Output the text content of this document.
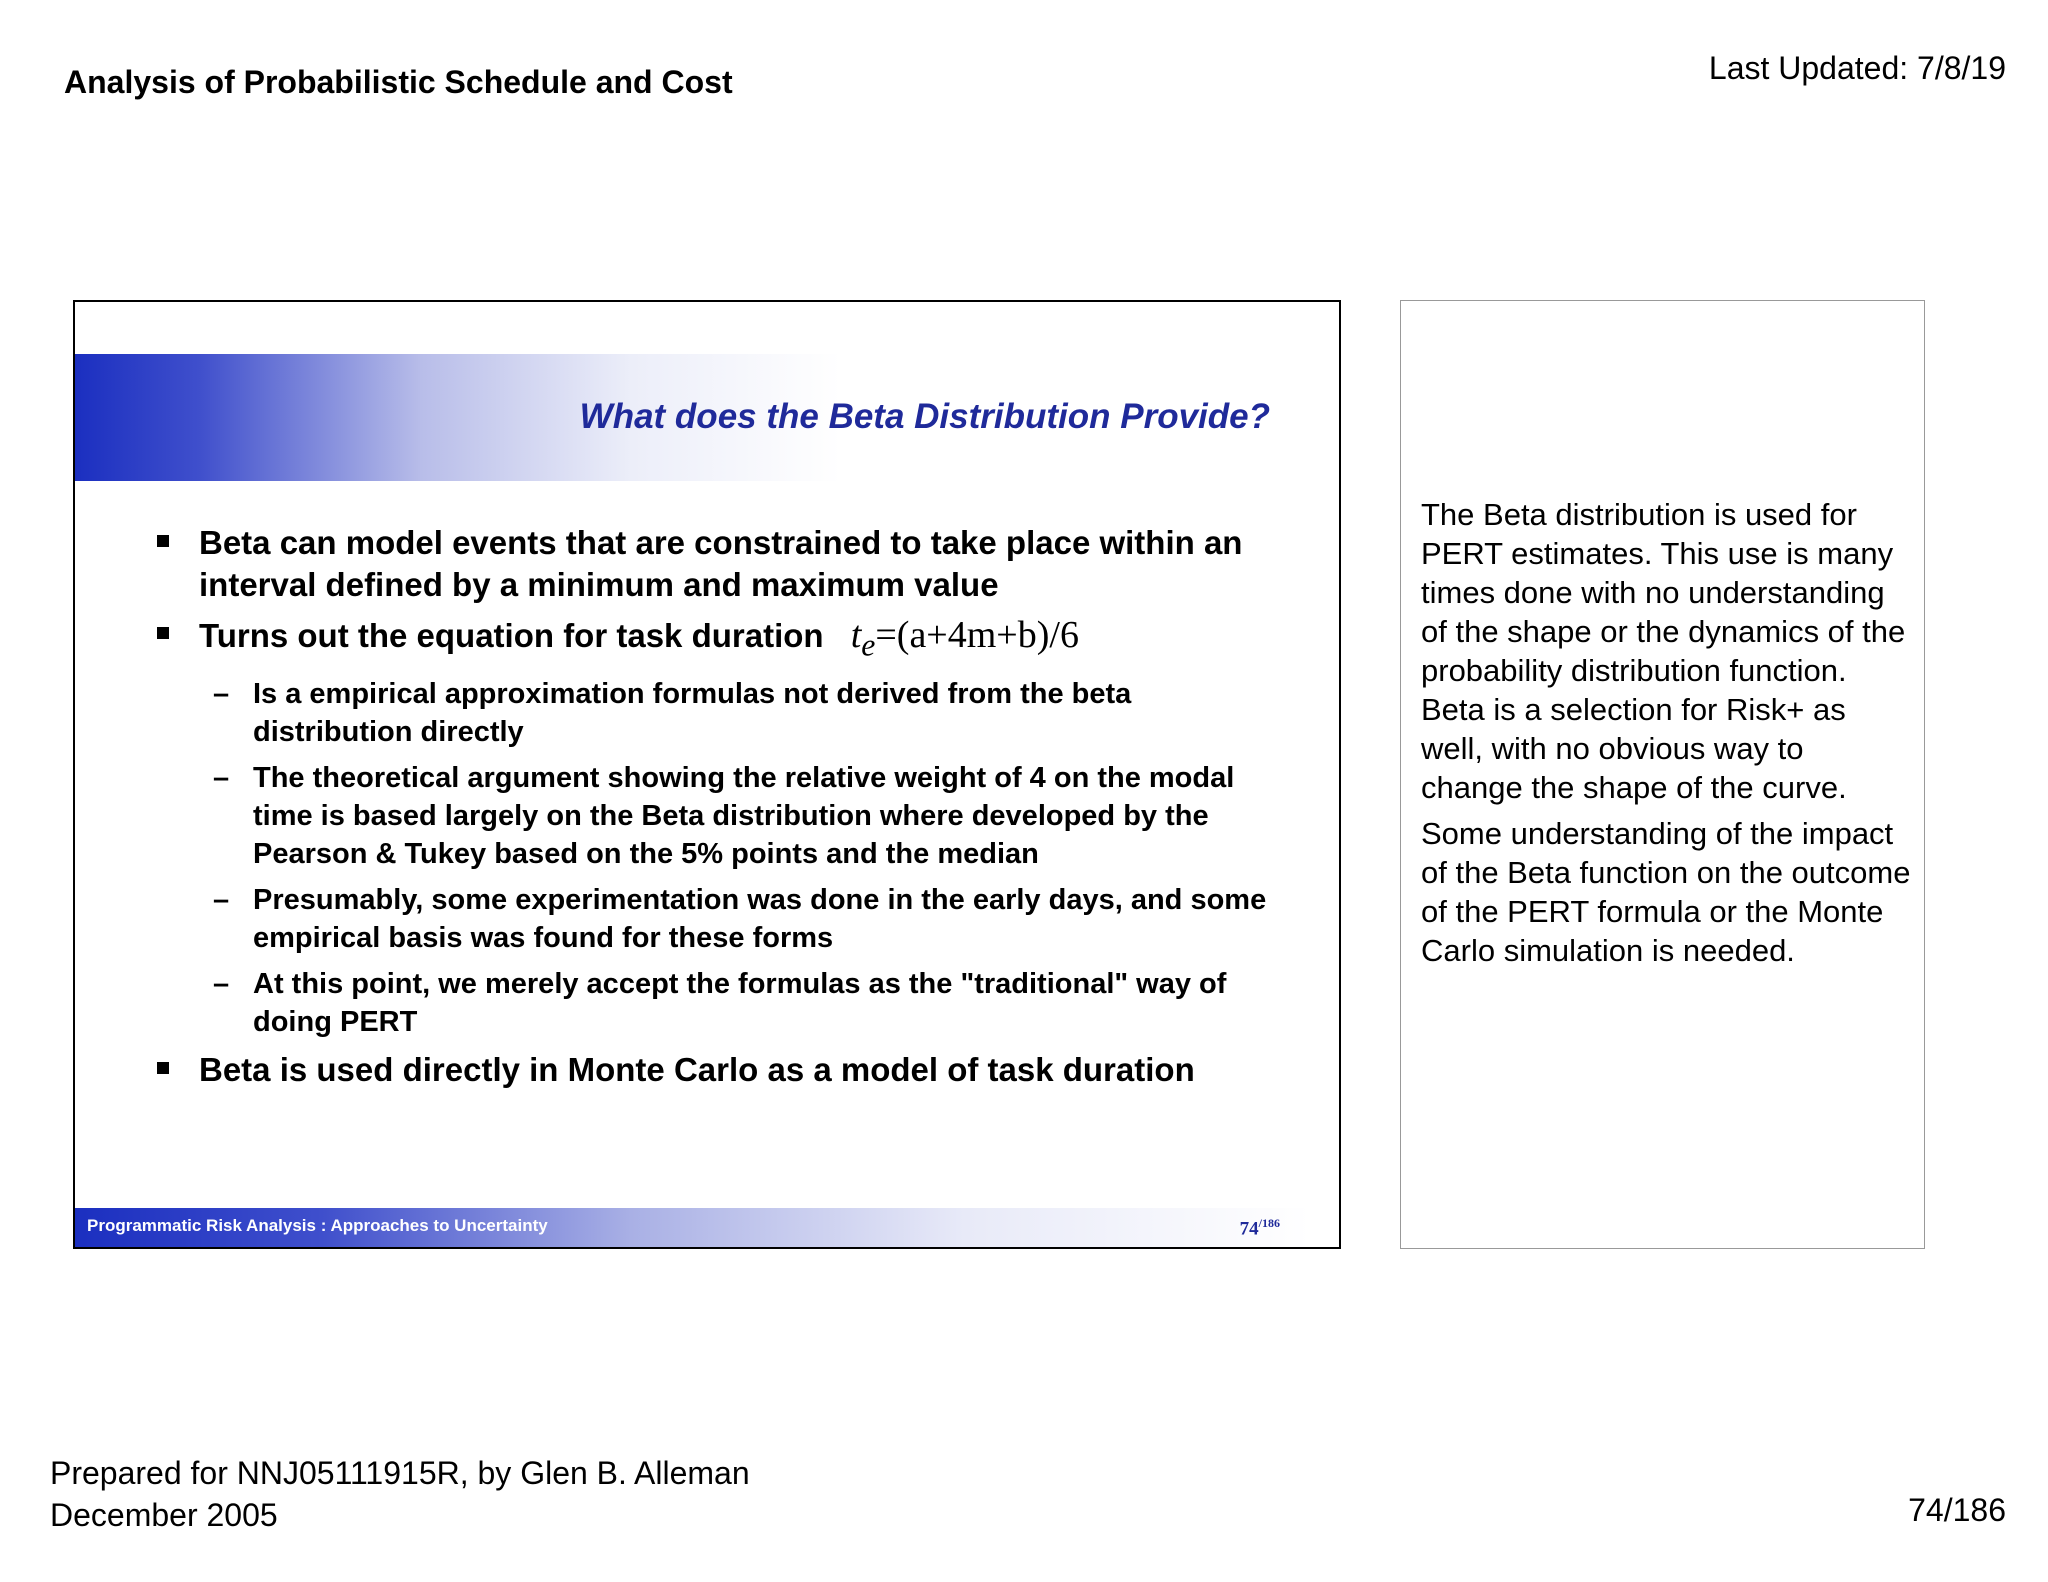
Analysis of Probabilistic Schedule and Cost	Last Updated: 7/8/19
What does the Beta Distribution Provide?
Beta can model events that are constrained to take place within an interval defined by a minimum and maximum value
Turns out the equation for task duration $t_e=(a+4m+b)/6$
– Is a empirical approximation formulas not derived from the beta distribution directly
– The theoretical argument showing the relative weight of 4 on the modal time is based largely on the Beta distribution where developed by the Pearson & Tukey based on the 5% points and the median
– Presumably, some experimentation was done in the early days, and some empirical basis was found for these forms
– At this point, we merely accept the formulas as the "traditional" way of doing PERT
Beta is used directly in Monte Carlo as a model of task duration
Programmatic Risk Analysis : Approaches to Uncertainty	$74^{/186}$

The Beta distribution is used for PERT estimates. This use is many times done with no understanding of the shape or the dynamics of the probability distribution function. Beta is a selection for Risk+ as well, with no obvious way to change the shape of the curve.

Some understanding of the impact of the Beta function on the outcome of the PERT formula or the Monte Carlo simulation is needed.

Prepared for NNJ05111915R, by Glen B. Alleman
December 2005	74/186
